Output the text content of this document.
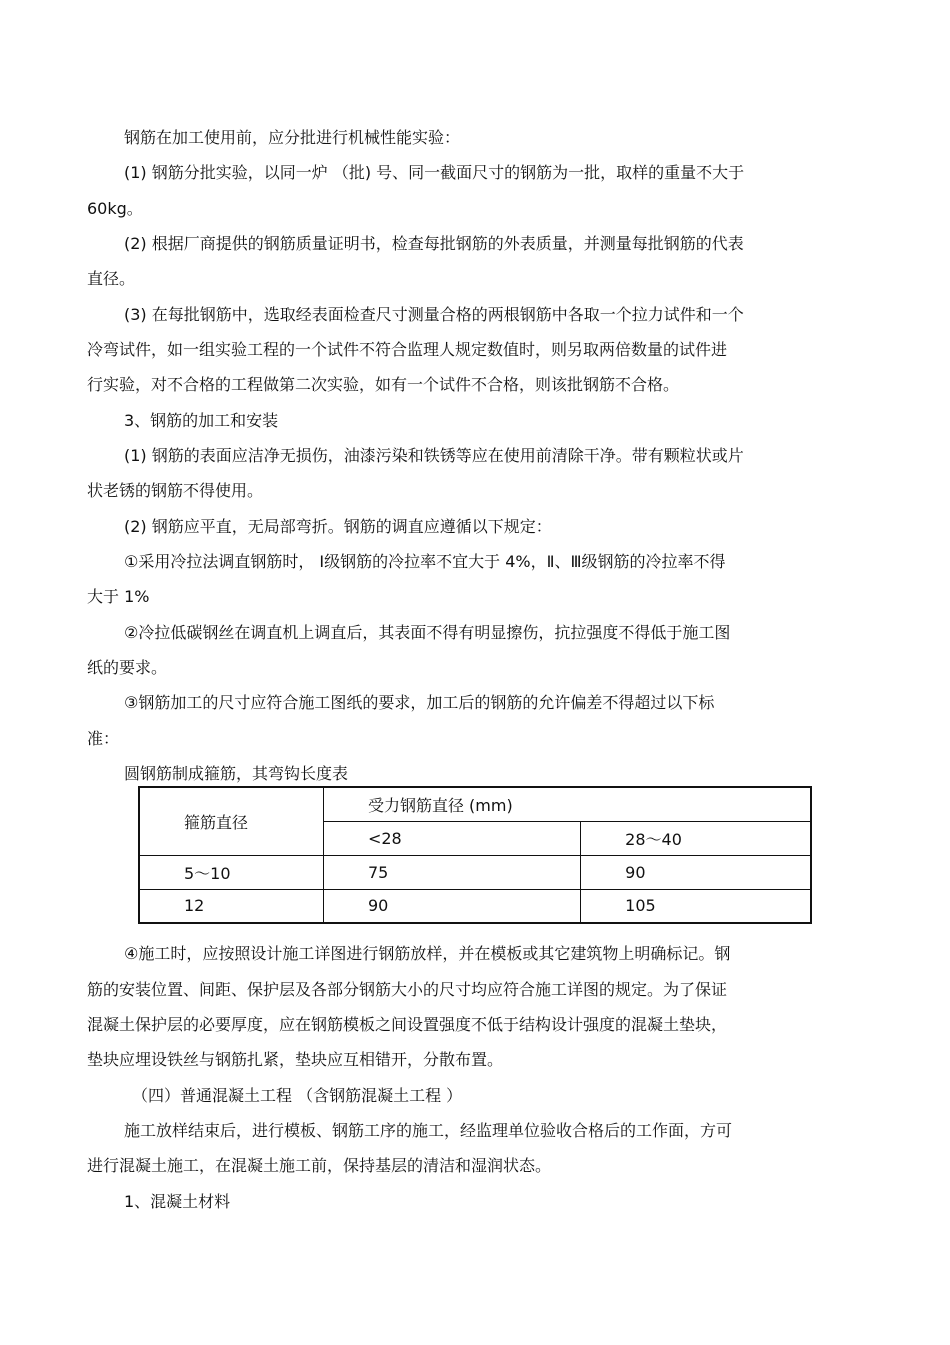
钢筋在加工使用前，应分批进行机械性能实验：
(1) 钢筋分批实验，以同一炉 （批) 号、同一截面尺寸的钢筋为一批，取样的重量不大于
60kg。
(2) 根据厂商提供的钢筋质量证明书，检查每批钢筋的外表质量，并测量每批钢筋的代表
直径。
(3) 在每批钢筋中，选取经表面检查尺寸测量合格的两根钢筋中各取一个拉力试件和一个
冷弯试件，如一组实验工程的一个试件不符合监理人规定数值时，则另取两倍数量的试件进
行实验，对不合格的工程做第二次实验，如有一个试件不合格，则该批钢筋不合格。
3、钢筋的加工和安装
(1) 钢筋的表面应洁净无损伤，油漆污染和铁锈等应在使用前清除干净。带有颗粒状或片
状老锈的钢筋不得使用。
(2) 钢筋应平直，无局部弯折。钢筋的调直应遵循以下规定：
①采用冷拉法调直钢筋时， Ⅰ级钢筋的冷拉率不宜大于 4%，Ⅱ、Ⅲ级钢筋的冷拉率不得
大于 1%
②冷拉低碳钢丝在调直机上调直后，其表面不得有明显擦伤，抗拉强度不得低于施工图
纸的要求。
③钢筋加工的尺寸应符合施工图纸的要求，加工后的钢筋的允许偏差不得超过以下标
准：
圆钢筋制成箍筋，其弯钩长度表
箍筋直径	受力钢筋直径 (mm)	
	<28	28～40
5～10	75	90
12	90	105
④施工时，应按照设计施工详图进行钢筋放样，并在模板或其它建筑物上明确标记。钢
筋的安装位置、间距、保护层及各部分钢筋大小的尺寸均应符合施工详图的规定。为了保证
混凝土保护层的必要厚度，应在钢筋模板之间设置强度不低于结构设计强度的混凝土垫块，
垫块应埋设铁丝与钢筋扎紧，垫块应互相错开，分散布置。
（四）普通混凝土工程 （含钢筋混凝土工程 ）
施工放样结束后，进行模板、钢筋工序的施工，经监理单位验收合格后的工作面，方可
进行混凝土施工，在混凝土施工前，保持基层的清洁和湿润状态。
1、混凝土材料
